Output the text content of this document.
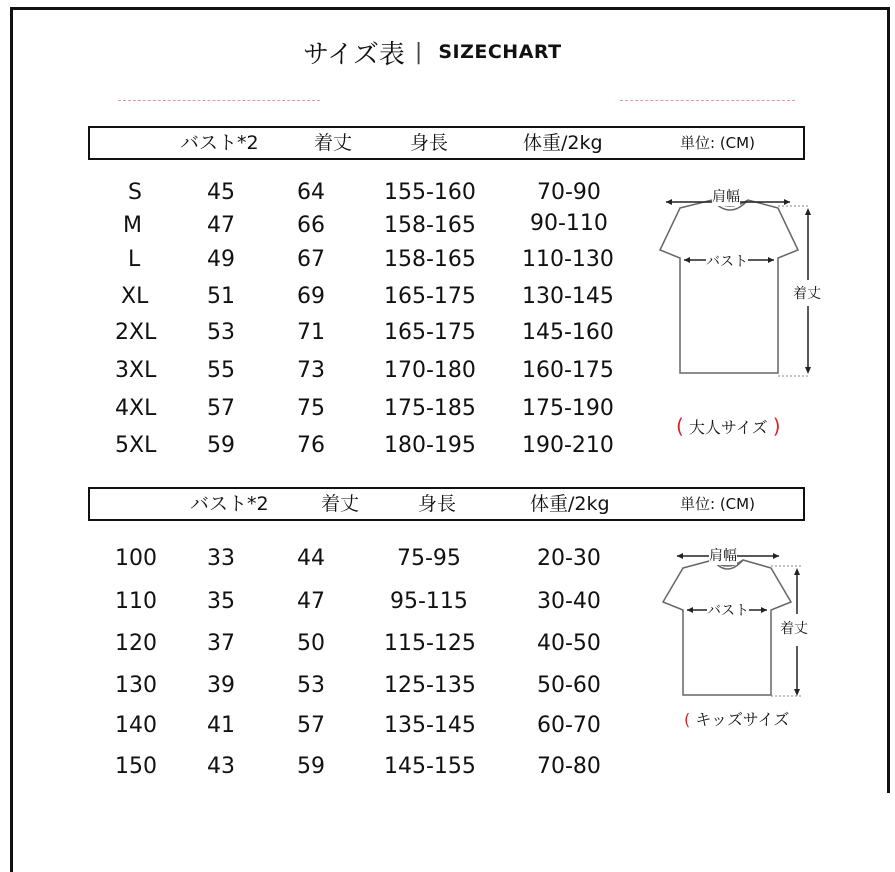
サイズ表 | SIZECHART
バスト*2	着丈	身長	体重/2kg	単位: (CM)
S	45	64	155-160	70-90
M	47	66	158-165 90-110
L	49	67	158-165 110-130
XL	51	69	165-175 130-145
2XL 53	71	165-175 145-160
3XL 55	73	170-180 160-175
4XL 57	75	175-185 175-190
5XL 59	76	180-195 190-210
肩幅
バスト
着丈
( 大人サイズ )
バスト*2	着丈	身長	体重/2kg	単位: (CM)
100 33	44	75-95	20-30
110 35	47	95-115	30-40
120 37	50	115-125	40-50
130 39	53	125-135	50-60
140 41	57	135-145	60-70
150 43	59	145-155	70-80
肩幅
バスト
着丈
( キッズサイズ
